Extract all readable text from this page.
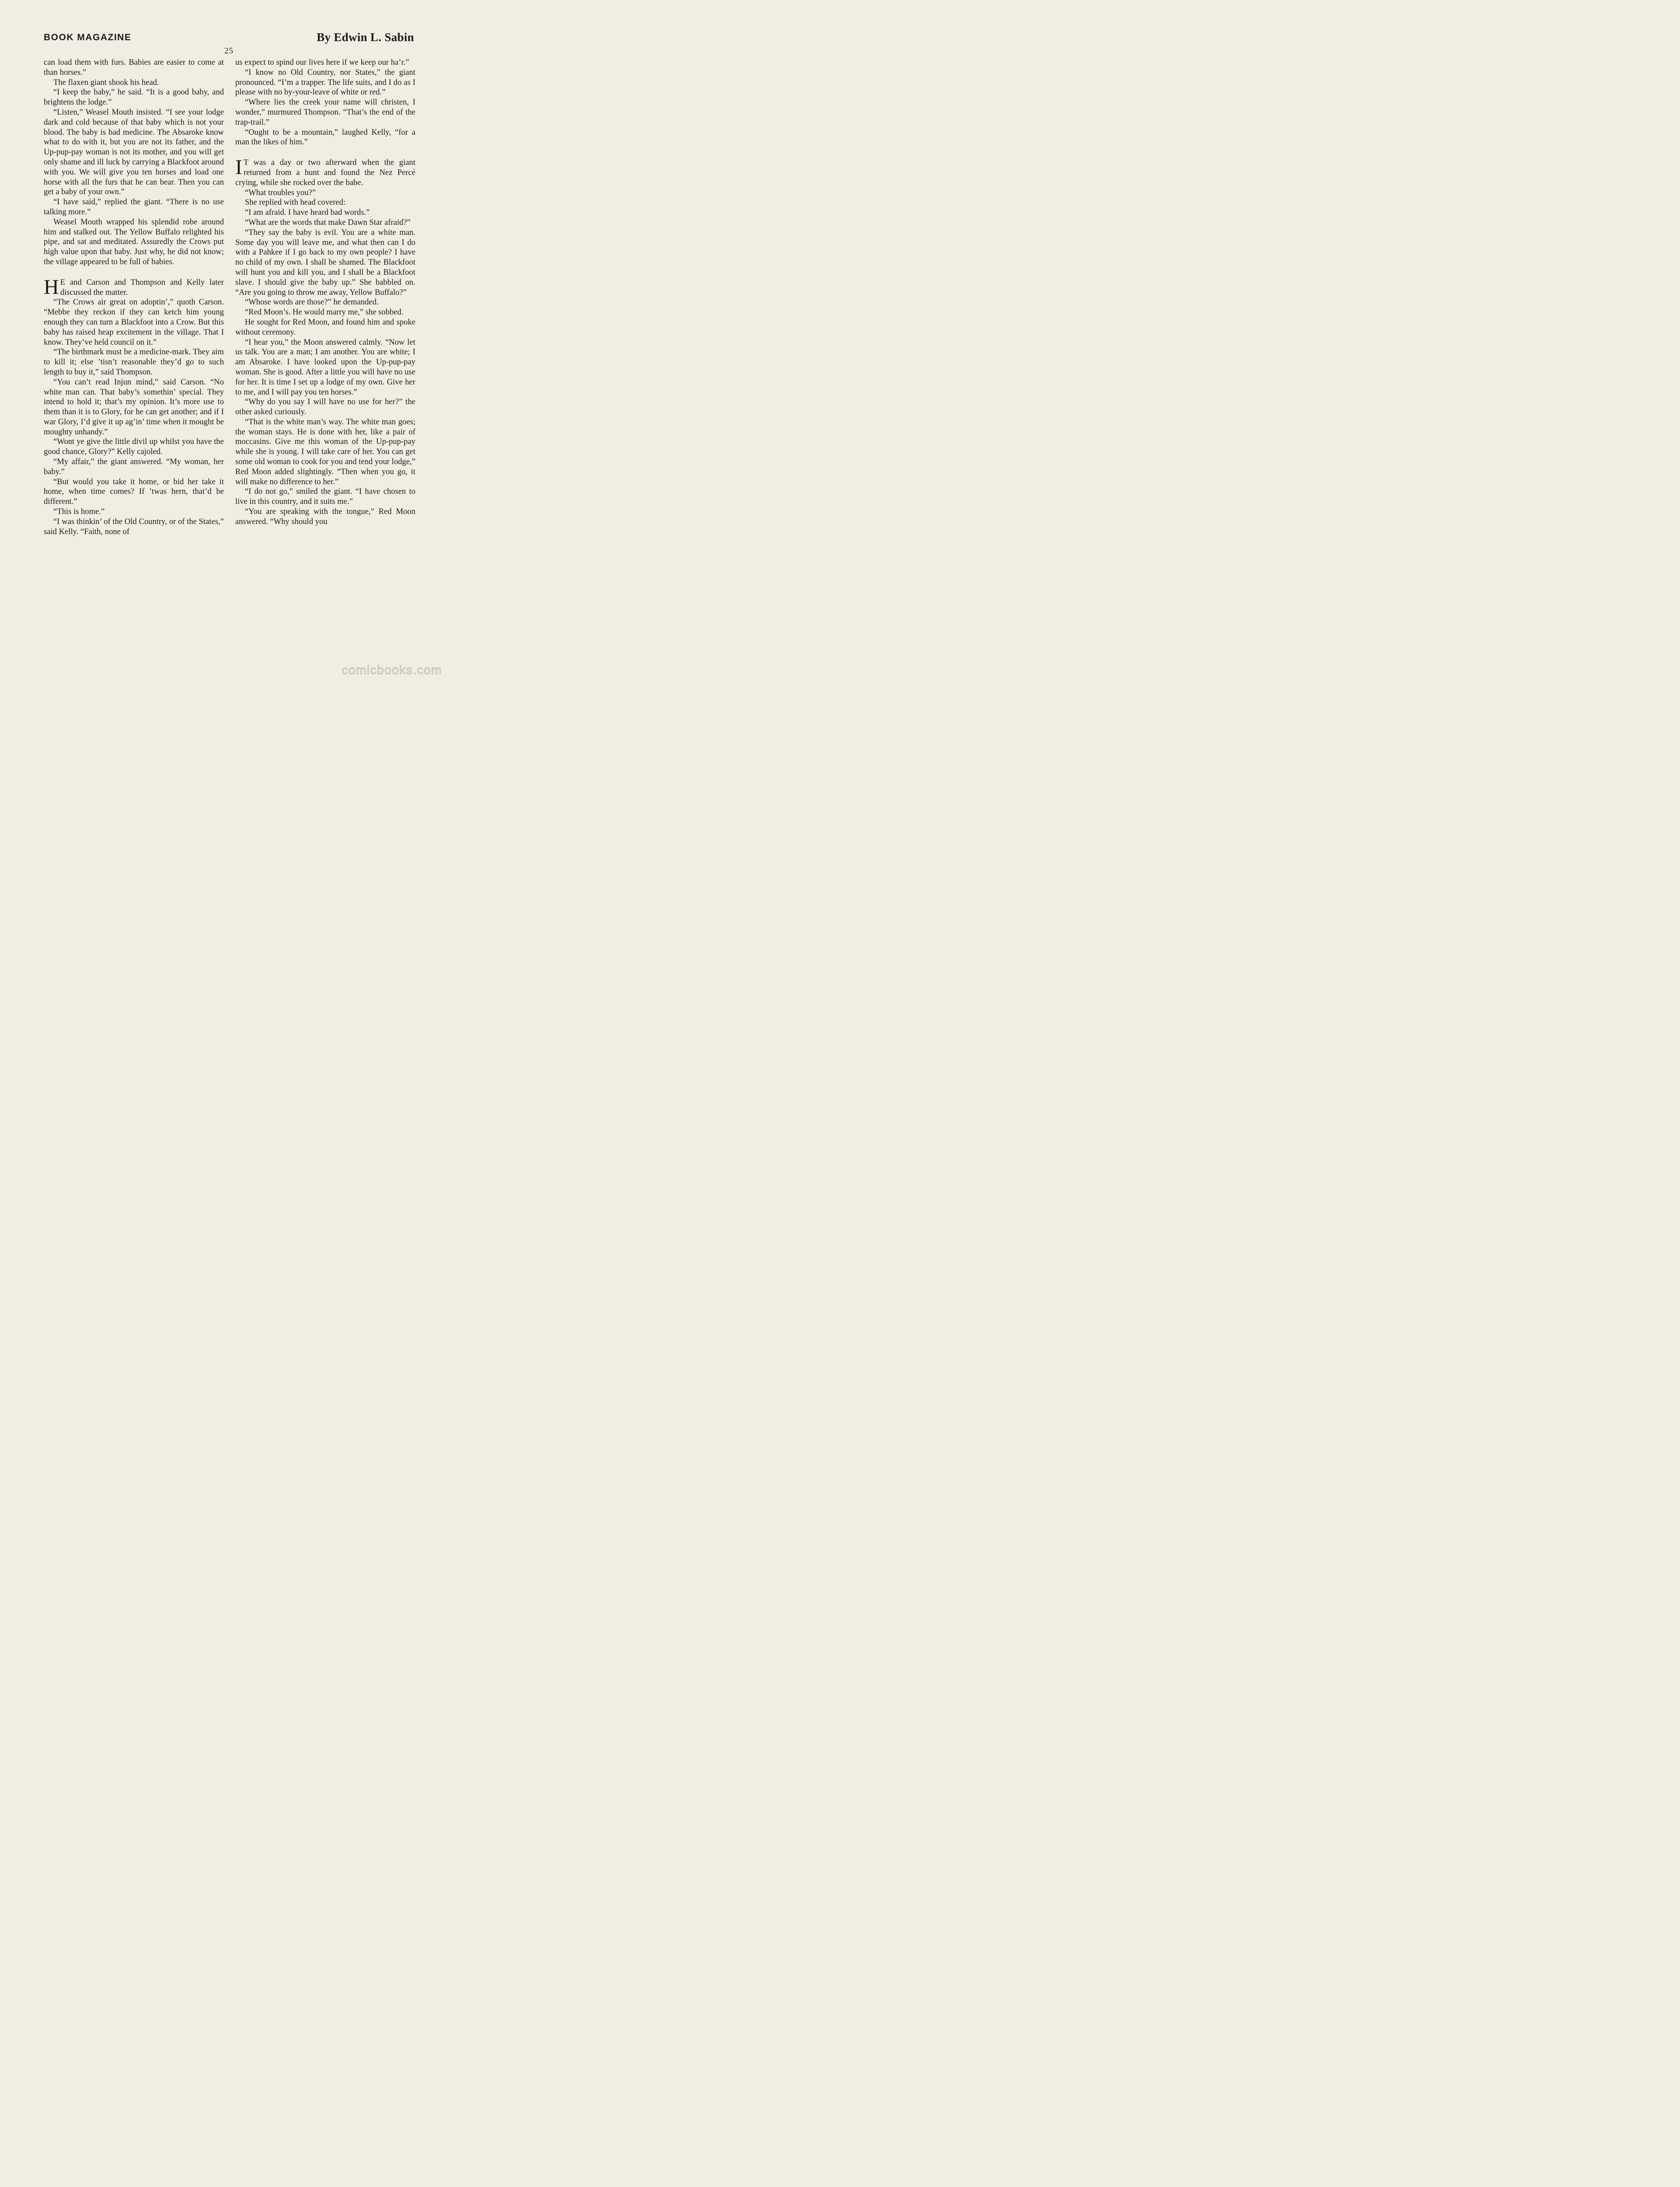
BOOK MAGAZINE	By Edwin L. Sabin
25

can load them with furs. Babies are easier to come at than horses.”

The flaxen giant shook his head.

“I keep the baby,” he said. “It is a good baby, and brightens the lodge.”

“Listen,” Weasel Mouth insisted. “I see your lodge dark and cold because of that baby which is not your blood. The baby is bad medicine. The Absaroke know what to do with it, but you are not its father, and the Up-pup-pay woman is not its mother, and you will get only shame and ill luck by carrying a Blackfoot around with you. We will give you ten horses and load one horse with all the furs that he can bear. Then you can get a baby of your own.”

“I have said,” replied the giant. “There is no use talking more.”

Weasel Mouth wrapped his splendid robe around him and stalked out. The Yellow Buffalo relighted his pipe, and sat and meditated. Assuredly the Crows put high value upon that baby. Just why, he did not know; the village appeared to be full of babies.

H E and Carson and Thompson and Kelly later discussed the matter.

“The Crows air great on adoptin’,” quoth Carson. “Mebbe they reckon if they can ketch him young enough they can turn a Blackfoot into a Crow. But this baby has raised heap excitement in the village. That I know. They’ve held council on it.”

“The birthmark must be a medicine-mark. They aim to kill it; else ’tisn’t reasonable they’d go to such length to buy it,” said Thompson.

“You can’t read Injun mind,” said Carson. “No white man can. That baby’s somethin’ special. They intend to hold it; that’s my opinion. It’s more use to them than it is to Glory, for he can get another; and if I war Glory, I’d give it up ag’in’ time when it mought be moughty unhandy.”

“Wont ye give the little divil up whilst you have the good chance, Glory?” Kelly cajoled.

“My affair,” the giant answered. “My woman, her baby.”

“But would you take it home, or bid her take it home, when time comes? If ’twas hern, that’d be different.”

“This is home.”

“I was thinkin’ of the Old Country, or of the States,” said Kelly. “Faith, none of

us expect to spind our lives here if we keep our ha’r.”

“I know no Old Country, nor States,” the giant pronounced. “I’m a trapper. The life suits, and I do as I please with no by-your-leave of white or red.”

“Where lies the creek your name will christen, I wonder,” murmured Thompson. “That’s the end of the trap-trail.”

“Ought to be a mountain,” laughed Kelly, “for a man the likes of him.”

I T was a day or two afterward when the giant returned from a hunt and found the Nez Percé crying, while she rocked over the babe.

“What troubles you?”

She replied with head covered:

“I am afraid. I have heard bad words.”

“What are the words that make Dawn Star afraid?”

“They say the baby is evil. You are a white man. Some day you will leave me, and what then can I do with a Pahkee if I go back to my own people? I have no child of my own. I shall be shamed. The Blackfoot will hunt you and kill you, and I shall be a Blackfoot slave. I should give the baby up.” She babbled on. “Are you going to throw me away, Yellow Buffalo?”

“Whose words are those?” he demanded.

“Red Moon’s. He would marry me,” she sobbed.

He sought for Red Moon, and found him and spoke without ceremony.

“I hear you,” the Moon answered calmly. “Now let us talk. You are a man; I am another. You are white; I am Absaroke. I have looked upon the Up-pup-pay woman. She is good. After a little you will have no use for her. It is time I set up a lodge of my own. Give her to me, and I will pay you ten horses.”

“Why do you say I will have no use for her?” the other asked curiously.

“That is the white man’s way. The white man goes; the woman stays. He is done with her, like a pair of moccasins. Give me this woman of the Up-pup-pay while she is young. I will take care of her. You can get some old woman to cook for you and tend your lodge,” Red Moon added slightingly. “Then when you go, it will make no difference to her.”

“I do not go,” smiled the giant. “I have chosen to live in this country, and it suits me.”

“You are speaking with the tongue,” Red Moon answered. “Why should you

comicbooks.com
